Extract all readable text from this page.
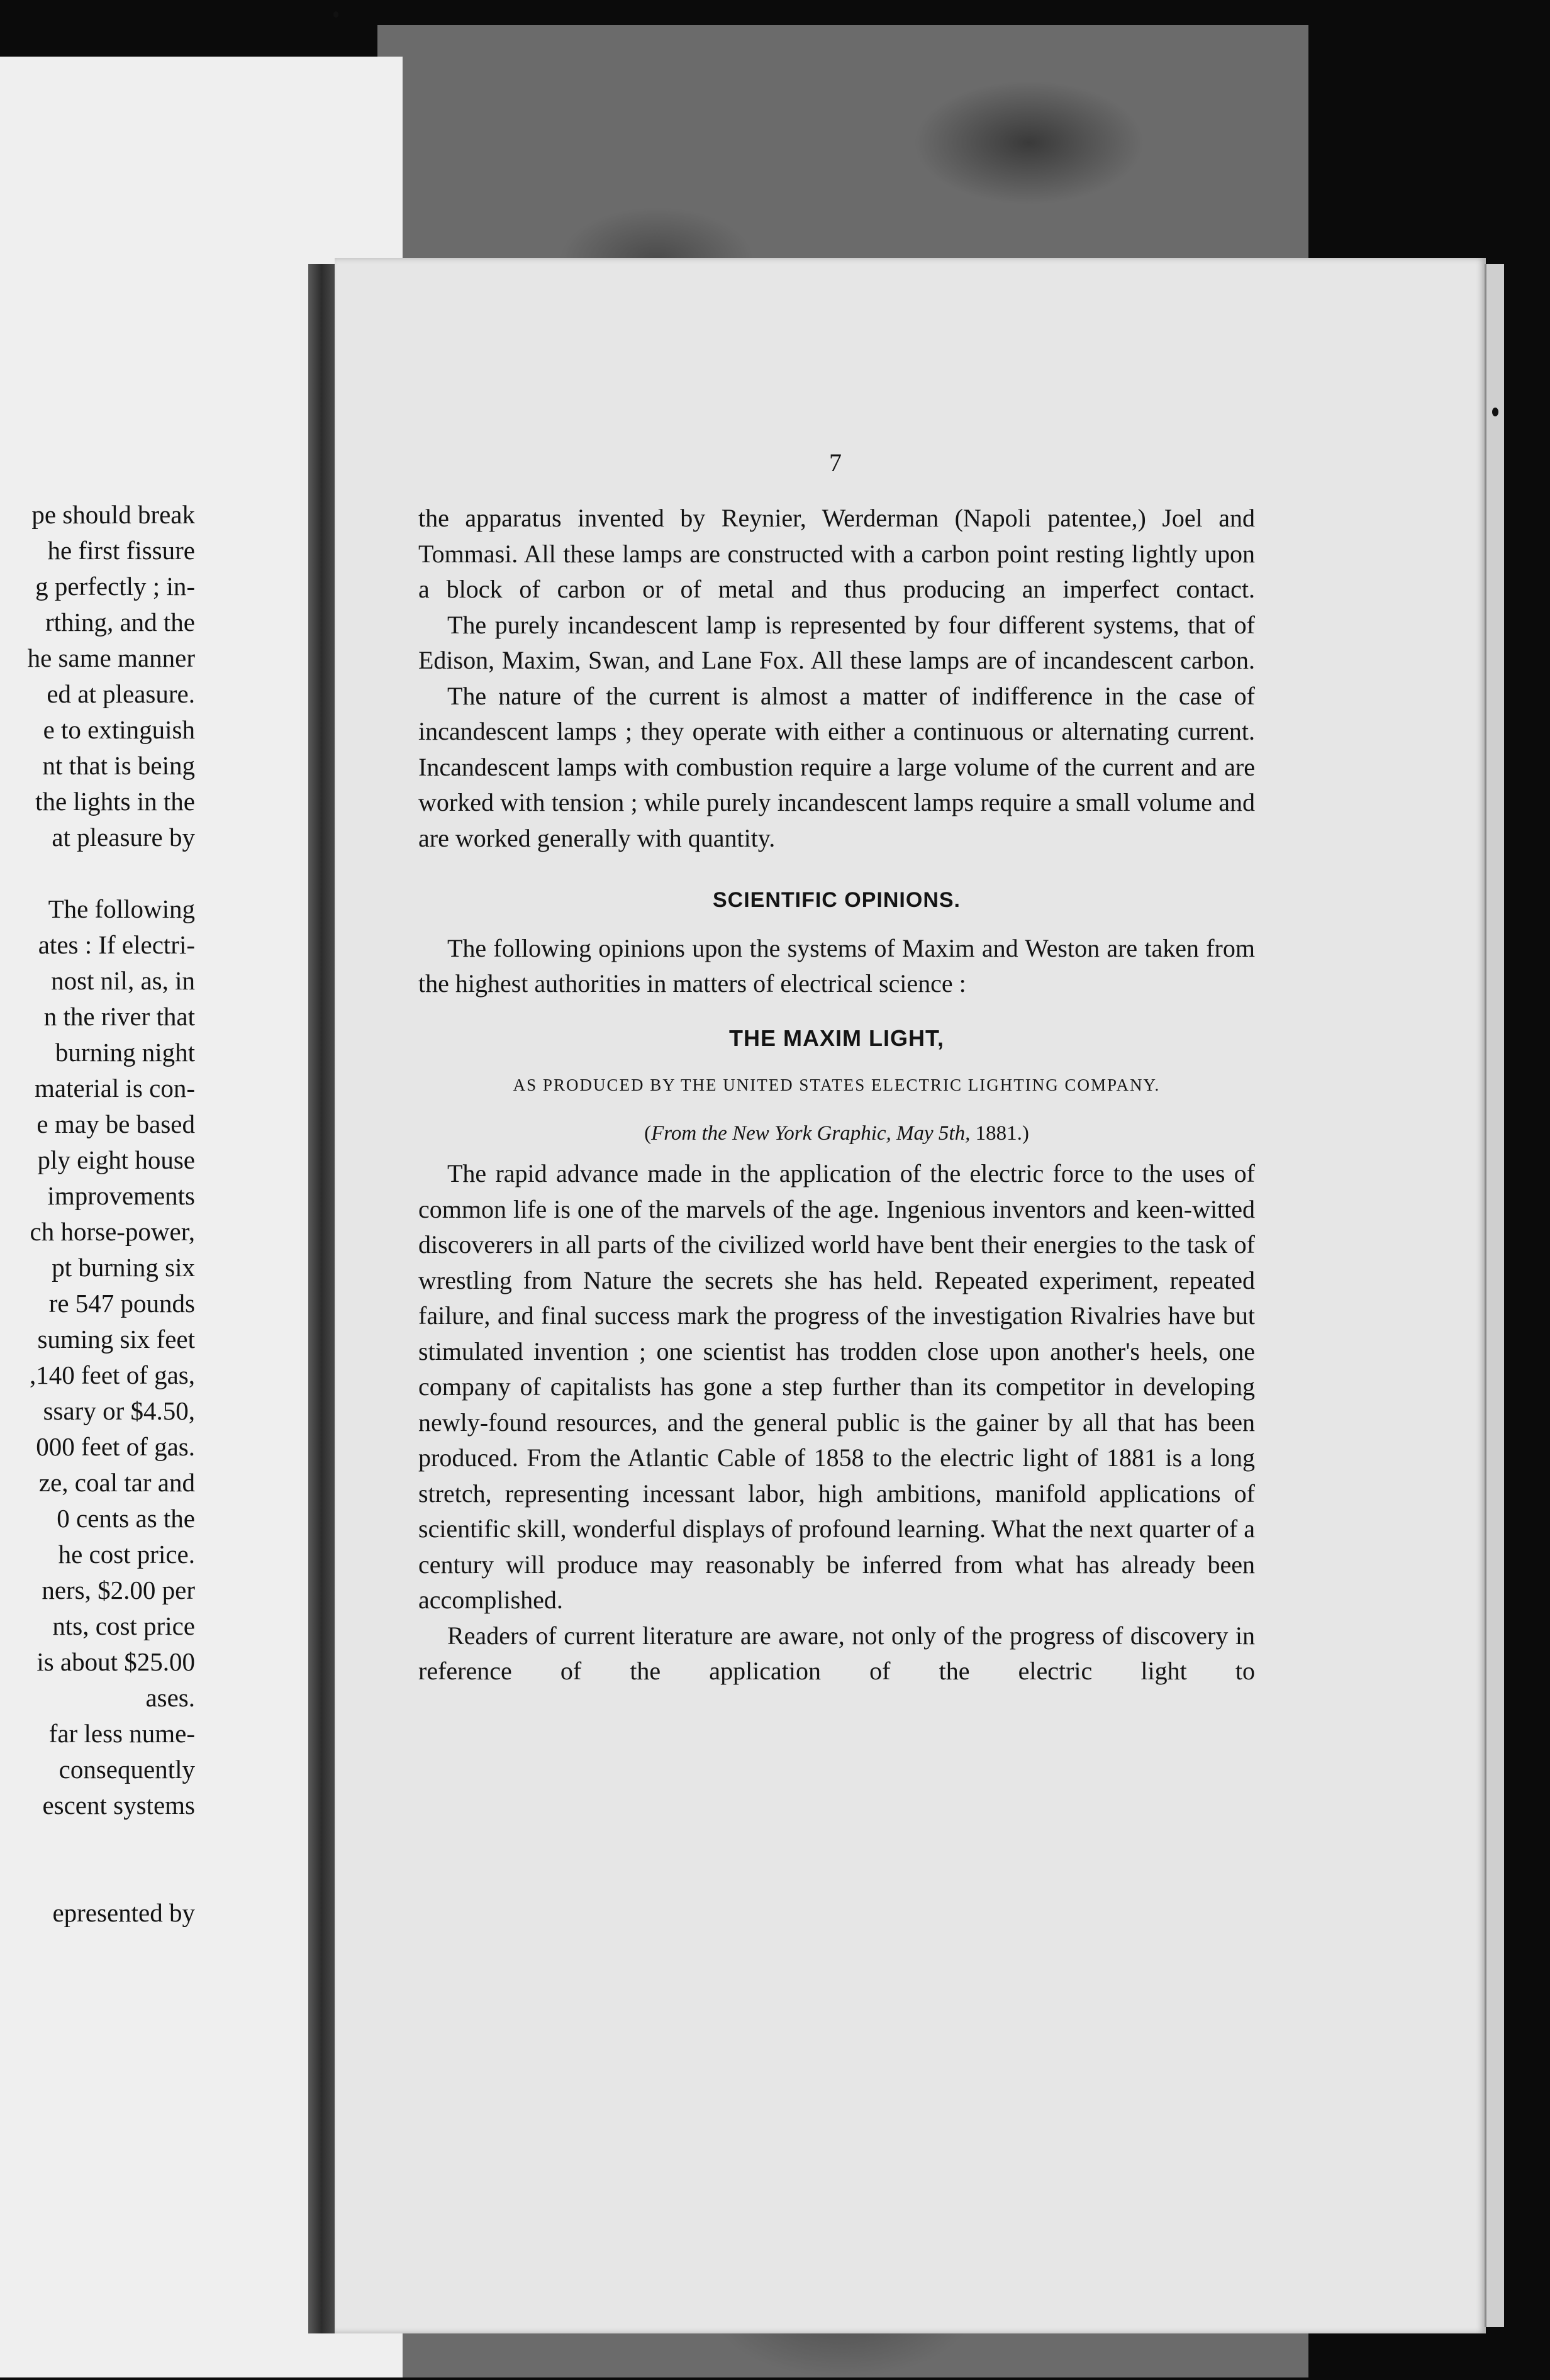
pe should break
he first fissure
g perfectly ; in-
rthing, and the
he same manner
ed at pleasure.
e to extinguish
nt that is being
the lights in the
at pleasure by
The following
ates : If electri-
nost nil, as, in
n the river that
burning night
material is con-
e may be based
ply eight house
improvements
ch horse-power,
pt burning six
re 547 pounds
suming six feet
,140 feet of gas,
ssary or $4.50,
000 feet of gas.
ze, coal tar and
0 cents as the
he cost price.
ners, $2.00 per
nts, cost price
is about $25.00
ases.
far less nume-
consequently
escent systems
epresented by
7

the apparatus invented by Reynier, Werderman (Napoli patentee,) Joel and Tommasi. All these lamps are constructed with a carbon point resting lightly upon a block of carbon or of metal and thus producing an imperfect contact.

The purely incandescent lamp is represented by four different systems, that of Edison, Maxim, Swan, and Lane Fox. All these lamps are of incandescent carbon.

The nature of the current is almost a matter of indifference in the case of incandescent lamps ; they operate with either a continuous or alternating current. Incandescent lamps with combustion require a large volume of the current and are worked with tension ; while purely incandescent lamps require a small volume and are worked generally with quantity.

SCIENTIFIC OPINIONS.

The following opinions upon the systems of Maxim and Weston are taken from the highest authorities in matters of electrical science :

THE MAXIM LIGHT,
AS PRODUCED BY THE UNITED STATES ELECTRIC LIGHTING COMPANY.
(From the New York Graphic, May 5th, 1881.)

The rapid advance made in the application of the electric force to the uses of common life is one of the marvels of the age. Ingenious inventors and keen-witted discoverers in all parts of the civilized world have bent their energies to the task of wrestling from Nature the secrets she has held. Repeated experiment, repeated failure, and final success mark the progress of the investigation Rivalries have but stimulated invention ; one scientist has trodden close upon another's heels, one company of capitalists has gone a step further than its competitor in developing newly-found resources, and the general public is the gainer by all that has been produced. From the Atlantic Cable of 1858 to the electric light of 1881 is a long stretch, representing incessant labor, high ambitions, manifold applications of scientific skill, wonderful displays of profound learning. What the next quarter of a century will produce may reasonably be inferred from what has already been accomplished.

Readers of current literature are aware, not only of the progress of discovery in reference of the application of the electric light to
